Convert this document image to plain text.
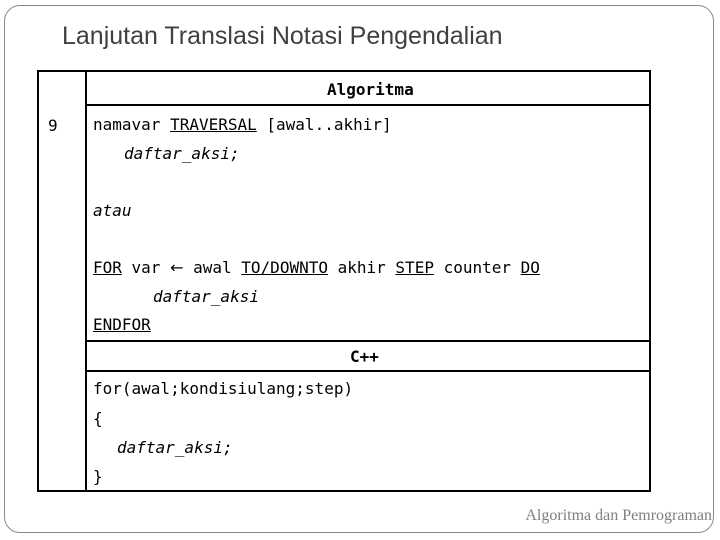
Lanjutan Translasi Notasi Pengendalian
Algoritma
9 namavar TRAVERSAL [awal..akhir]
daftar_aksi;
atau
FOR var ← awal TO/DOWNTO akhir STEP counter DO
daftar_aksi
ENDFOR
C++
for(awal;kondisiulang;step)
{
daftar_aksi;
}
Algoritma dan Pemrograman
